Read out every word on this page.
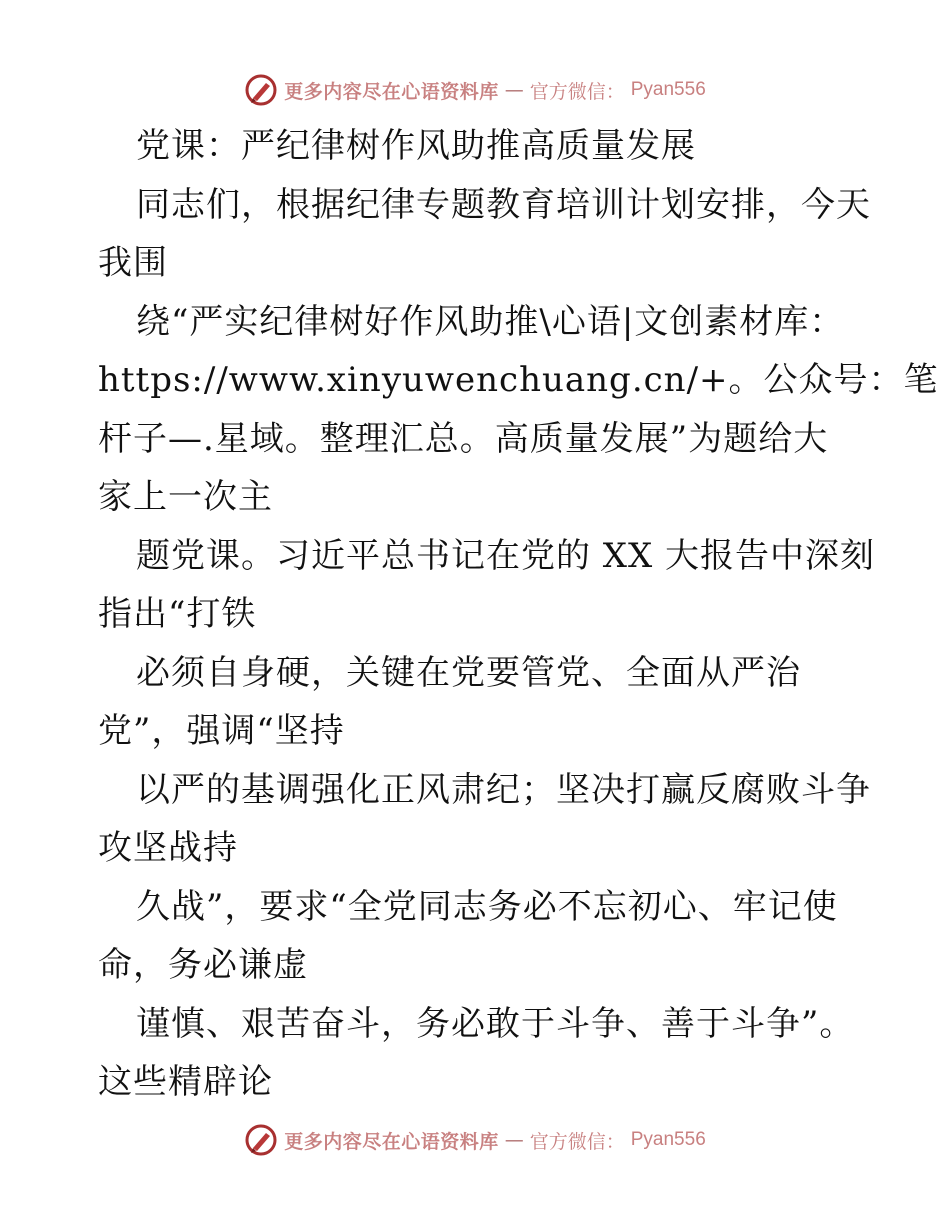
更多内容尽在心语资料库 — 官方微信： Pyan556
党课：严纪律树作风助推高质量发展
同志们，根据纪律专题教育培训计划安排，今天
我围
绕“严实纪律树好作风助推\心语|文创素材库：
https://www.xinyuwenchuang.cn/+。公众号：笔
杆子—.星域。整理汇总。高质量发展”为题给大
家上一次主
题党课。习近平总书记在党的 XX 大报告中深刻
指出“打铁
必须自身硬，关键在党要管党、全面从严治
党”，强调“坚持
以严的基调强化正风肃纪；坚决打赢反腐败斗争
攻坚战持
久战”，要求“全党同志务必不忘初心、牢记使
命，务必谦虚
谨慎、艰苦奋斗，务必敢于斗争、善于斗争”。
这些精辟论
更多内容尽在心语资料库 — 官方微信： Pyan556
